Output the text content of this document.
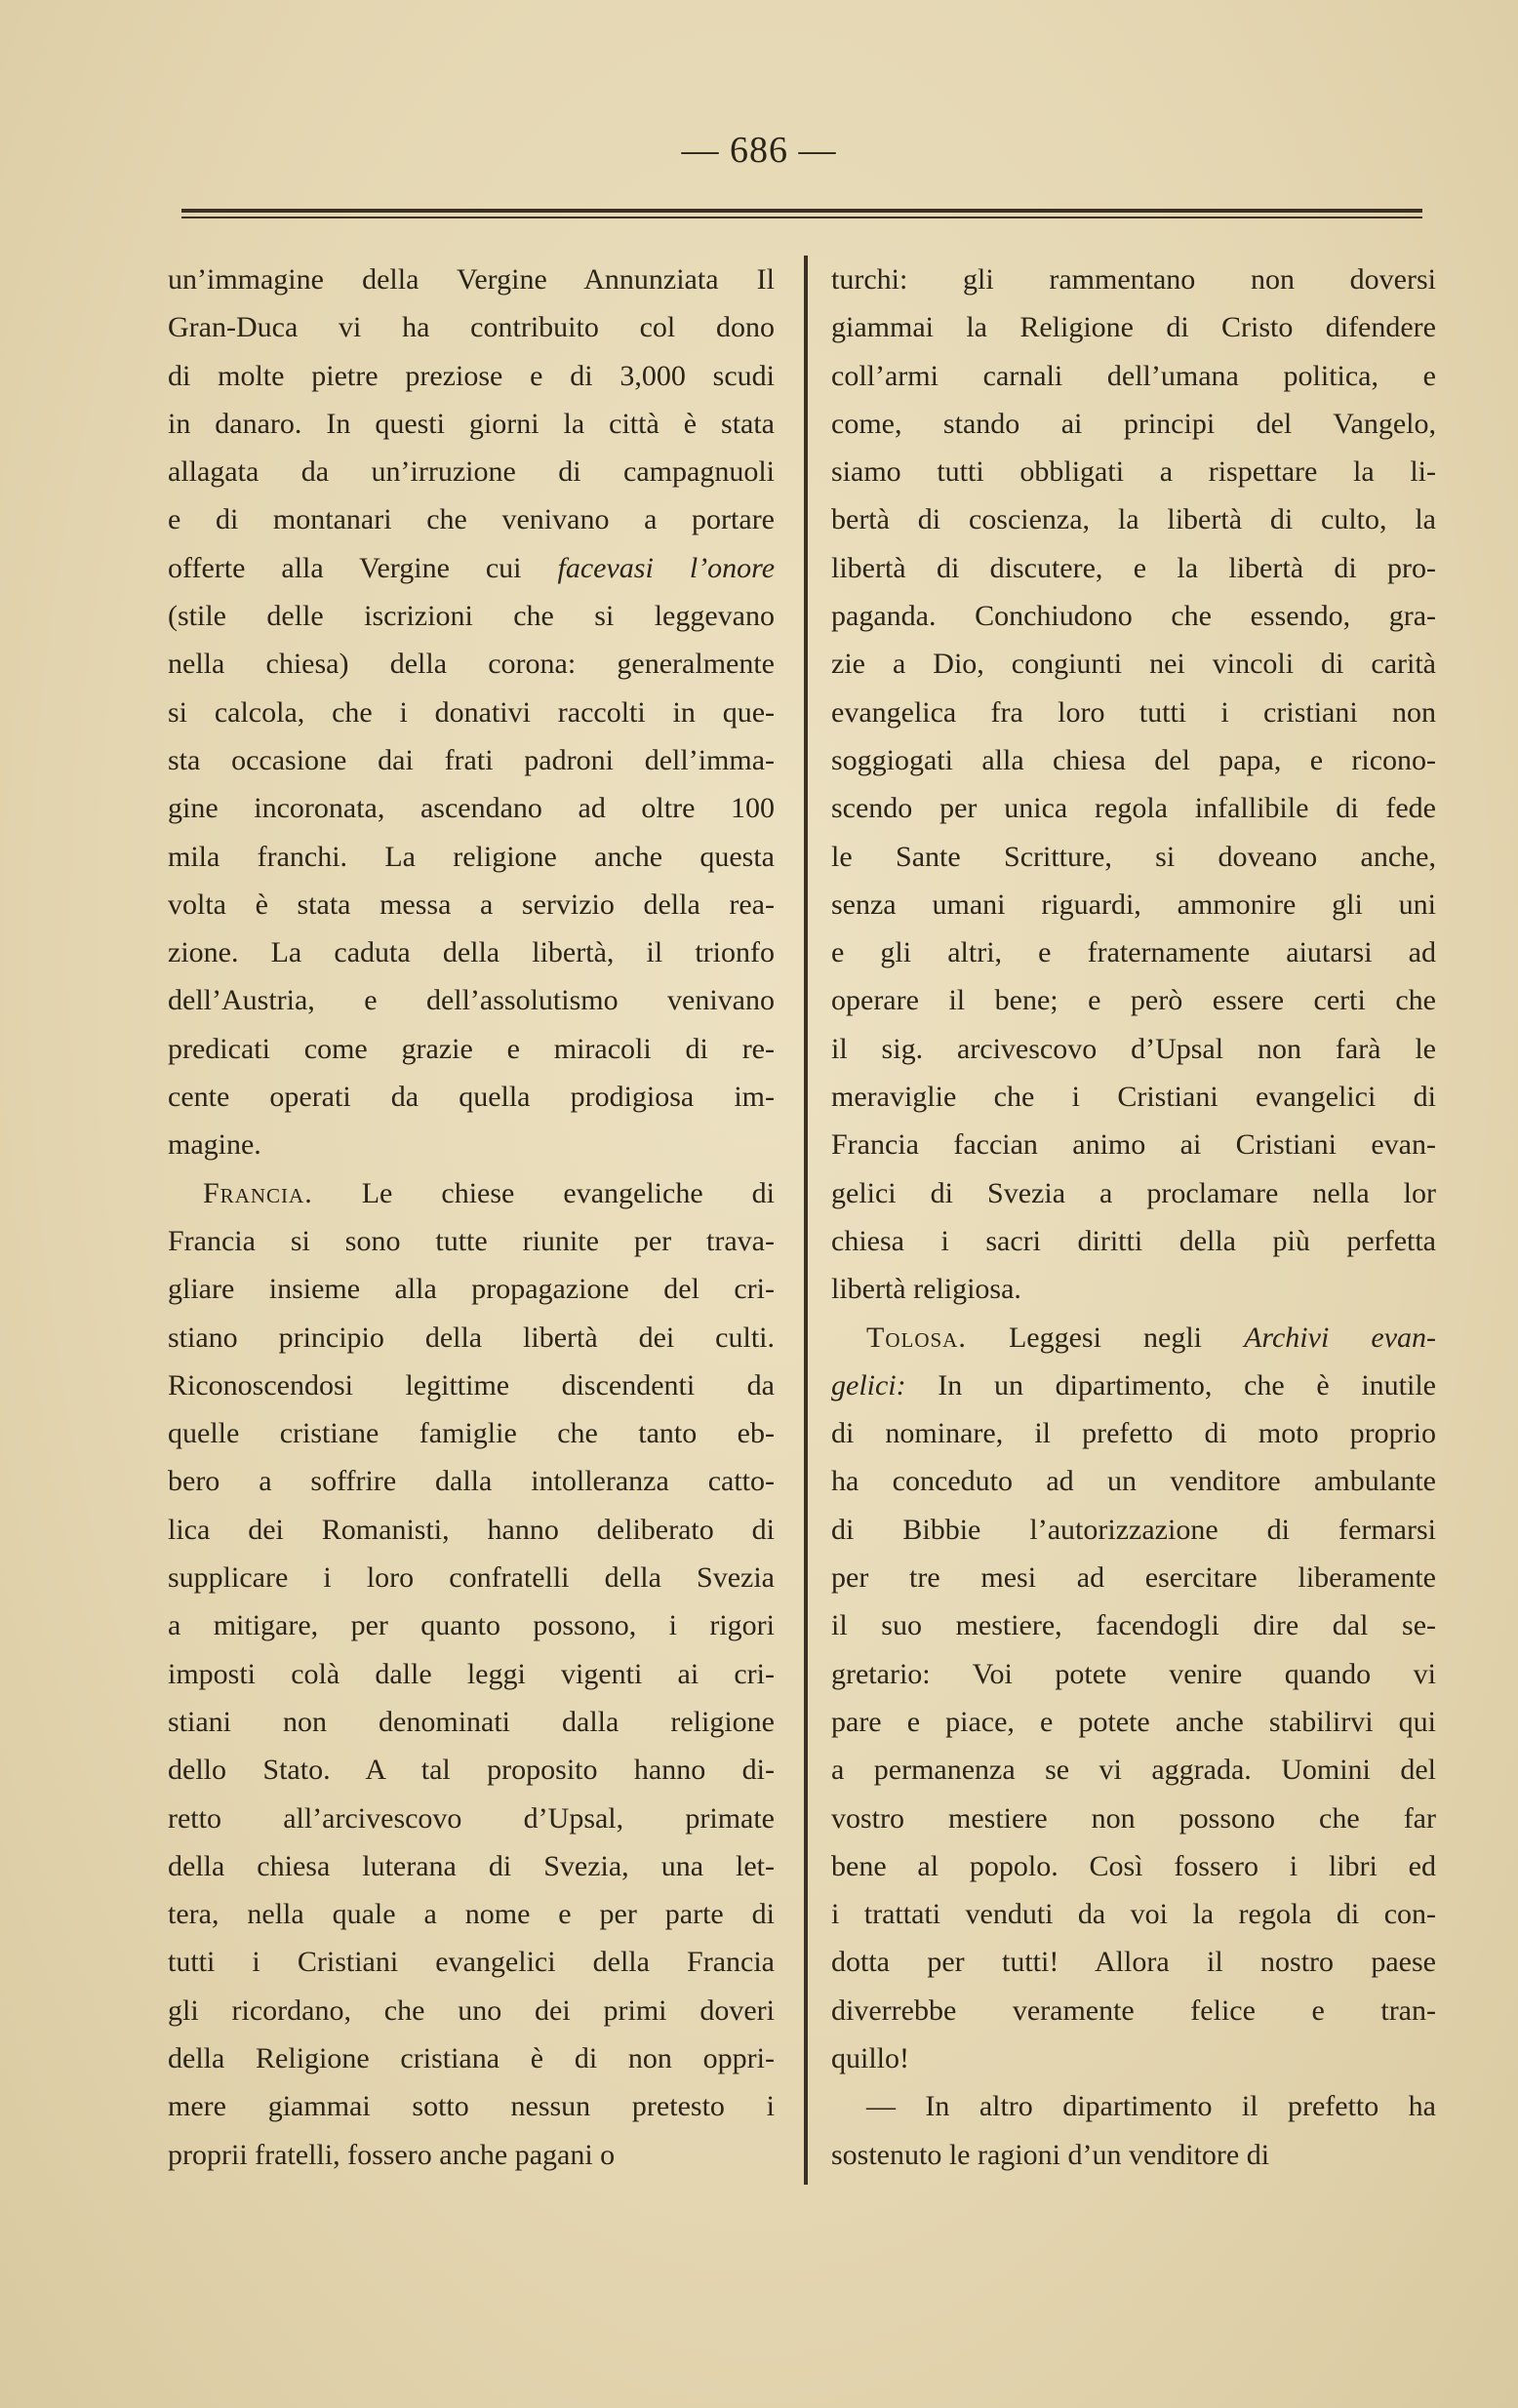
— 686 —
un’immagine della Vergine Annunziata Il
Gran-Duca vi ha contribuito col dono
di molte pietre preziose e di 3,000 scudi
in danaro. In questi giorni la città è stata
allagata da un’irruzione di campagnuoli
e di montanari che venivano a portare
offerte alla Vergine cui facevasi l’onore
(stile delle iscrizioni che si leggevano
nella chiesa) della corona: generalmente
si calcola, che i donativi raccolti in que-
sta occasione dai frati padroni dell’imma-
gine incoronata, ascendano ad oltre 100
mila franchi. La religione anche questa
volta è stata messa a servizio della rea-
zione. La caduta della libertà, il trionfo
dell’Austria, e dell’assolutismo venivano
predicati come grazie e miracoli di re-
cente operati da quella prodigiosa im-
magine.
Francia. Le chiese evangeliche di
Francia si sono tutte riunite per trava-
gliare insieme alla propagazione del cri-
stiano principio della libertà dei culti.
Riconoscendosi legittime discendenti da
quelle cristiane famiglie che tanto eb-
bero a soffrire dalla intolleranza catto-
lica dei Romanisti, hanno deliberato di
supplicare i loro confratelli della Svezia
a mitigare, per quanto possono, i rigori
imposti colà dalle leggi vigenti ai cri-
stiani non denominati dalla religione
dello Stato. A tal proposito hanno di-
retto all’arcivescovo d’Upsal, primate
della chiesa luterana di Svezia, una let-
tera, nella quale a nome e per parte di
tutti i Cristiani evangelici della Francia
gli ricordano, che uno dei primi doveri
della Religione cristiana è di non oppri-
mere giammai sotto nessun pretesto i
proprii fratelli, fossero anche pagani o
turchi: gli rammentano non doversi
giammai la Religione di Cristo difendere
coll’armi carnali dell’umana politica, e
come, stando ai principi del Vangelo,
siamo tutti obbligati a rispettare la li-
bertà di coscienza, la libertà di culto, la
libertà di discutere, e la libertà di pro-
paganda. Conchiudono che essendo, gra-
zie a Dio, congiunti nei vincoli di carità
evangelica fra loro tutti i cristiani non
soggiogati alla chiesa del papa, e ricono-
scendo per unica regola infallibile di fede
le Sante Scritture, si doveano anche,
senza umani riguardi, ammonire gli uni
e gli altri, e fraternamente aiutarsi ad
operare il bene; e però essere certi che
il sig. arcivescovo d’Upsal non farà le
meraviglie che i Cristiani evangelici di
Francia faccian animo ai Cristiani evan-
gelici di Svezia a proclamare nella lor
chiesa i sacri diritti della più perfetta
libertà religiosa.
Tolosa. Leggesi negli Archivi evan-
gelici: In un dipartimento, che è inutile
di nominare, il prefetto di moto proprio
ha conceduto ad un venditore ambulante
di Bibbie l’autorizzazione di fermarsi
per tre mesi ad esercitare liberamente
il suo mestiere, facendogli dire dal se-
gretario: Voi potete venire quando vi
pare e piace, e potete anche stabilirvi qui
a permanenza se vi aggrada. Uomini del
vostro mestiere non possono che far
bene al popolo. Così fossero i libri ed
i trattati venduti da voi la regola di con-
dotta per tutti! Allora il nostro paese
diverrebbe veramente felice e tran-
quillo!
— In altro dipartimento il prefetto ha
sostenuto le ragioni d’un venditore di
